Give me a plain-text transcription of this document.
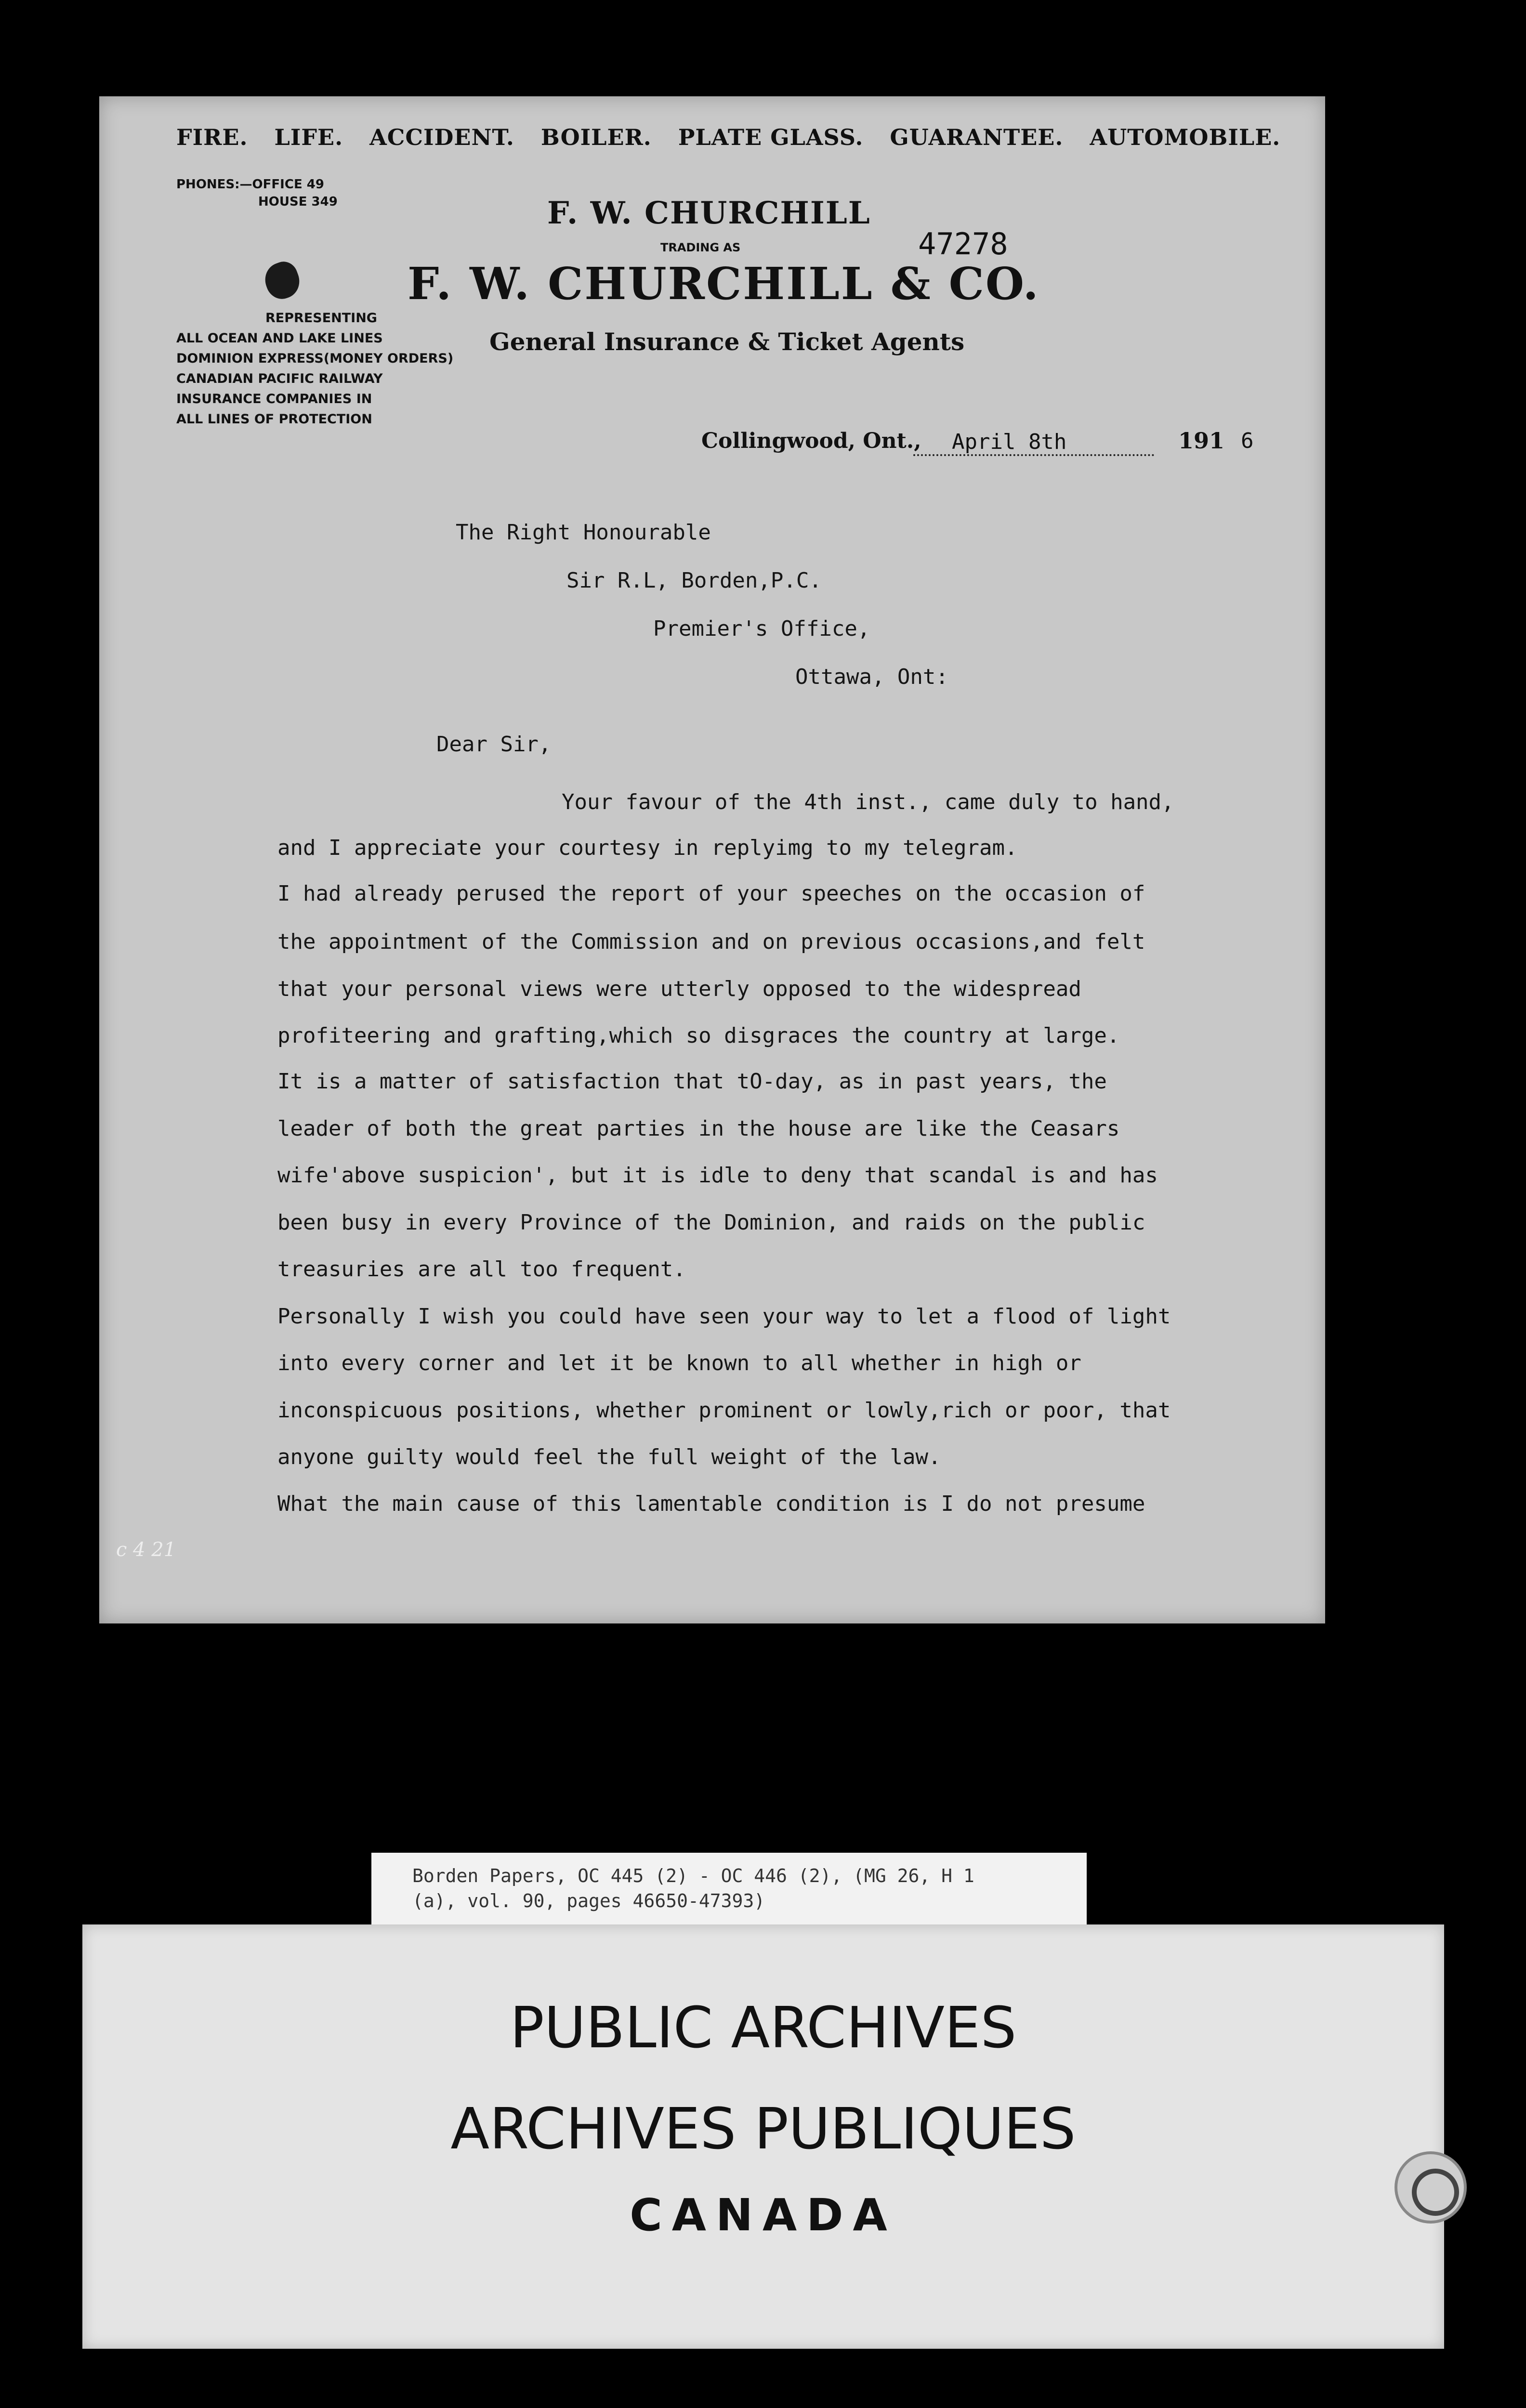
FIRE. LIFE. ACCIDENT. BOILER. PLATE GLASS. GUARANTEE. AUTOMOBILE.
PHONES:—OFFICE 49
HOUSE 349	F. W. CHURCHILL
TRADING AS	47278
F. W. CHURCHILL & CO.
General Insurance & Ticket Agents
REPRESENTING
ALL OCEAN AND LAKE LINES
DOMINION EXPRESS(MONEY ORDERS)
CANADIAN PACIFIC RAILWAY
INSURANCE COMPANIES IN
ALL LINES OF PROTECTION
Collingwood, Ont.,	April 8th	191 6
The Right Honourable
Sir R.L, Borden,P.C.
Premier's Office,
Ottawa, Ont:
Dear Sir,
Your favour of the 4th inst., came duly to hand,
and I appreciate your courtesy in replyimg to my telegram.
I had already perused the report of your speeches on the occasion of
the appointment of the Commission and on previous occasions,and felt
that your personal views were utterly opposed to the widespread
profiteering and grafting,which so disgraces the country at large.
It is a matter of satisfaction that tO-day, as in past years, the
leader of both the great parties in the house are like the Ceasars
wife'above suspicion', but it is idle to deny that scandal is and has
been busy in every Province of the Dominion, and raids on the public
treasuries are all too frequent.
Personally I wish you could have seen your way to let a flood of light
into every corner and let it be known to all whether in high or
inconspicuous positions, whether prominent or lowly,rich or poor, that
anyone guilty would feel the full weight of the law.
What the main cause of this lamentable condition is I do not presume
c 4 21
Borden Papers, OC 445 (2) - OC 446 (2), (MG 26, H 1
(a), vol. 90, pages 46650-47393)
PUBLIC ARCHIVES
ARCHIVES PUBLIQUES
CANADA
